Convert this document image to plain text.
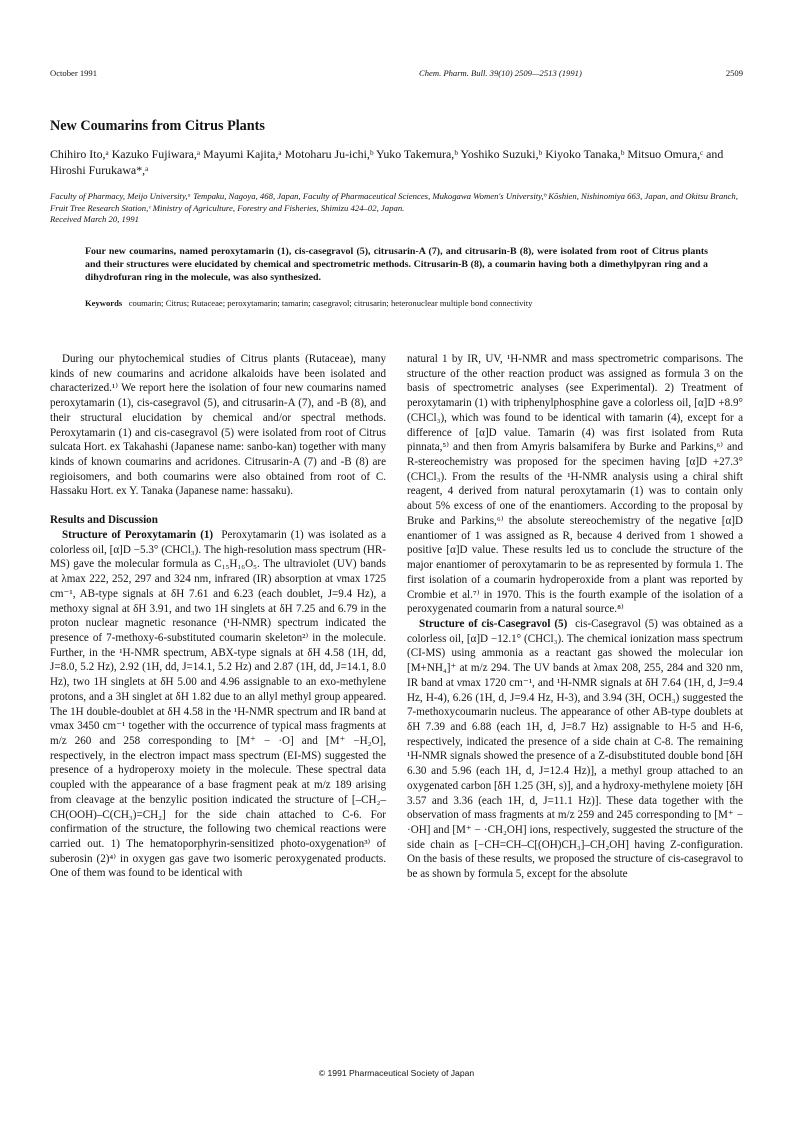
October 1991	Chem. Pharm. Bull. 39(10) 2509—2513 (1991)	2509
New Coumarins from Citrus Plants
Chihiro Ito,ᵃ Kazuko Fujiwara,ᵃ Mayumi Kajita,ᵃ Motoharu Ju-ichi,ᵇ Yuko Takemura,ᵇ Yoshiko Suzuki,ᵇ Kiyoko Tanaka,ᵇ Mitsuo Omura,ᶜ and Hiroshi Furukawa*,ᵃ
Faculty of Pharmacy, Meijo University,ᵃ Tempaku, Nagoya, 468, Japan, Faculty of Pharmaceutical Sciences, Mukogawa Women's University,ᵇ Kōshien, Nishinomiya 663, Japan, and Okitsu Branch, Fruit Tree Research Station,ᶜ Ministry of Agriculture, Forestry and Fisheries, Shimizu 424–02, Japan.
Received March 20, 1991
Four new coumarins, named peroxytamarin (1), cis-casegravol (5), citrusarin-A (7), and citrusarin-B (8), were isolated from root of Citrus plants and their structures were elucidated by chemical and spectrometric methods. Citrusarin-B (8), a coumarin having both a dimethylpyran ring and a dihydrofuran ring in the molecule, was also synthesized.
Keywords coumarin; Citrus; Rutaceae; peroxytamarin; tamarin; casegravol; citrusarin; heteronuclear multiple bond connectivity

During our phytochemical studies of Citrus plants (Rutaceae), many kinds of new coumarins and acridone alkaloids have been isolated and characterized.¹⁾ We report here the isolation of four new coumarins named peroxytamarin (1), cis-casegravol (5), and citrusarin-A (7), and -B (8), and their structural elucidation by chemical and/or spectral methods. Peroxytamarin (1) and cis-casegravol (5) were isolated from root of Citrus sulcata Hort. ex Takahashi (Japanese name: sanbo-kan) together with many kinds of known coumarins and acridones. Citrusarin-A (7) and -B (8) are regioisomers, and both coumarins were also obtained from root of C. Hassaku Hort. ex Y. Tanaka (Japanese name: hassaku).

Results and Discussion

Structure of Peroxytamarin (1) Peroxytamarin (1) was isolated as a colorless oil, [α]D −5.3° (CHCl₃). The high-resolution mass spectrum (HR-MS) gave the molecular formula as C₁₅H₁₆O₅. The ultraviolet (UV) bands at λmax 222, 252, 297 and 324 nm, infrared (IR) absorption at νmax 1725 cm⁻¹, AB-type signals at δH 7.61 and 6.23 (each doublet, J=9.4 Hz), a methoxy signal at δH 3.91, and two 1H singlets at δH 7.25 and 6.79 in the proton nuclear magnetic resonance (¹H-NMR) spectrum indicated the presence of 7-methoxy-6-substituted coumarin skeleton²⁾ in the molecule. Further, in the ¹H-NMR spectrum, ABX-type signals at δH 4.58 (1H, dd, J=8.0, 5.2 Hz), 2.92 (1H, dd, J=14.1, 5.2 Hz) and 2.87 (1H, dd, J=14.1, 8.0 Hz), two 1H singlets at δH 5.00 and 4.96 assignable to an exo-methylene protons, and a 3H singlet at δH 1.82 due to an allyl methyl group appeared. The 1H double-doublet at δH 4.58 in the ¹H-NMR spectrum and IR band at νmax 3450 cm⁻¹ together with the occurrence of typical mass fragments at m/z 260 and 258 corresponding to [M⁺ − ·O] and [M⁺ −H₂O], respectively, in the electron impact mass spectrum (EI-MS) suggested the presence of a hydroperoxy moiety in the molecule. These spectral data coupled with the appearance of a base fragment peak at m/z 189 arising from cleavage at the benzylic position indicated the structure of [–CH₂–CH(OOH)–C(CH₃)=CH₂] for the side chain attached to C-6. For confirmation of the structure, the following two chemical reactions were carried out. 1) The hematoporphyrin-sensitized photo-oxygenation³⁾ of suberosin (2)⁴⁾ in oxygen gas gave two isomeric peroxygenated products. One of them was found to be identical with

natural 1 by IR, UV, ¹H-NMR and mass spectrometric comparisons. The structure of the other reaction product was assigned as formula 3 on the basis of spectrometric analyses (see Experimental). 2) Treatment of peroxytamarin (1) with triphenylphosphine gave a colorless oil, [α]D +8.9° (CHCl₃), which was found to be identical with tamarin (4), except for a difference of [α]D value. Tamarin (4) was first isolated from Ruta pinnata,⁵⁾ and then from Amyris balsamifera by Burke and Parkins,⁶⁾ and R-stereochemistry was proposed for the specimen having [α]D +27.3° (CHCl₃). From the results of the ¹H-NMR analysis using a chiral shift reagent, 4 derived from natural peroxytamarin (1) was to contain only about 5% excess of one of the enantiomers. According to the proposal by Bruke and Parkins,⁶⁾ the absolute stereochemistry of the negative [α]D enantiomer of 1 was assigned as R, because 4 derived from 1 showed a positive [α]D value. These results led us to conclude the structure of the major enantiomer of peroxytamarin to be as represented by formula 1. The first isolation of a coumarin hydroperoxide from a plant was reported by Crombie et al.⁷⁾ in 1970. This is the fourth example of the isolation of a peroxygenated coumarin from a natural source.⁸⁾

Structure of cis-Casegravol (5) cis-Casegravol (5) was obtained as a colorless oil, [α]D −12.1° (CHCl₃). The chemical ionization mass spectrum (CI-MS) using ammonia as a reactant gas showed the molecular ion [M+NH₄]⁺ at m/z 294. The UV bands at λmax 208, 255, 284 and 320 nm, IR band at νmax 1720 cm⁻¹, and ¹H-NMR signals at δH 7.64 (1H, d, J=9.4 Hz, H-4), 6.26 (1H, d, J=9.4 Hz, H-3), and 3.94 (3H, OCH₃) suggested the 7-methoxycoumarin nucleus. The appearance of other AB-type doublets at δH 7.39 and 6.88 (each 1H, d, J=8.7 Hz) assignable to H-5 and H-6, respectively, indicated the presence of a side chain at C-8. The remaining ¹H-NMR signals showed the presence of a Z-disubstituted double bond [δH 6.30 and 5.96 (each 1H, d, J=12.4 Hz)], a methyl group attached to an oxygenated carbon [δH 1.25 (3H, s)], and a hydroxy-methylene moiety [δH 3.57 and 3.36 (each 1H, d, J=11.1 Hz)]. These data together with the observation of mass fragments at m/z 259 and 245 corresponding to [M⁺ − ·OH] and [M⁺ − ·CH₂OH] ions, respectively, suggested the structure of the side chain as [−CH=CH–C[(OH)CH₃]–CH₂OH] having Z-configuration. On the basis of these results, we proposed the structure of cis-casegravol to be as shown by formula 5, except for the absolute

© 1991 Pharmaceutical Society of Japan
